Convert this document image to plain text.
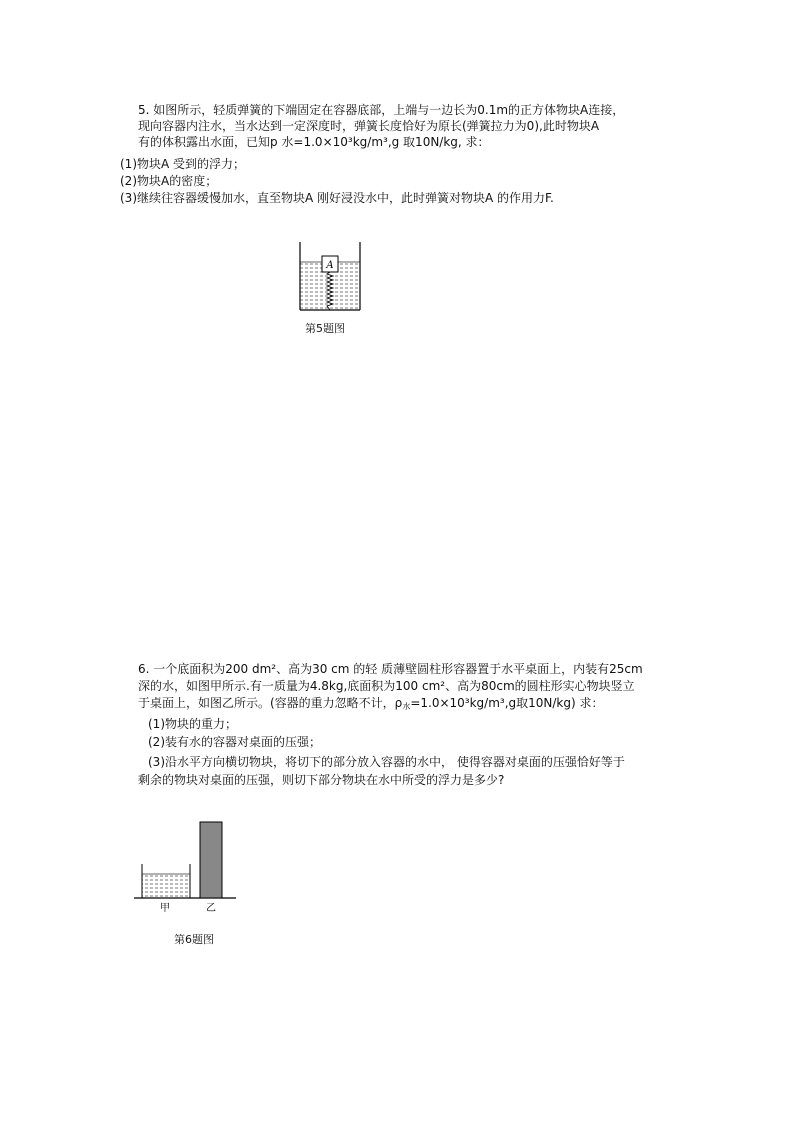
5. 如图所示，轻质弹簧的下端固定在容器底部，上端与一边长为0.1m的正方体物块A连接，
现向容器内注水，当水达到一定深度时，弹簧长度恰好为原长(弹簧拉力为0),此时物块A
有的体积露出水面，已知p 水=1.0×10³kg/m³,g 取10N/kg, 求：
(1)物块A 受到的浮力；
(2)物块A的密度；
(3)继续往容器缓慢加水，直至物块A 刚好浸没水中，此时弹簧对物块A 的作用力F.
A
第5题图
6. 一个底面积为200 dm²、高为30 cm 的轻 质薄壁圆柱形容器置于水平桌面上，内装有25cm
深的水，如图甲所示.有一质量为4.8kg,底面积为100 cm²、高为80cm的圆柱形实心物块竖立
于桌面上，如图乙所示。(容器的重力忽略不计，$\rho_水=1.0\times 10^3kg/m^3,g$取10N/kg) 求：
(1)物块的重力；
(2)装有水的容器对桌面的压强；
(3)沿水平方向横切物块，将切下的部分放入容器的水中， 使得容器对桌面的压强恰好等于
剩余的物块对桌面的压强，则切下部分物块在水中所受的浮力是多少?
甲	乙
第6题图
